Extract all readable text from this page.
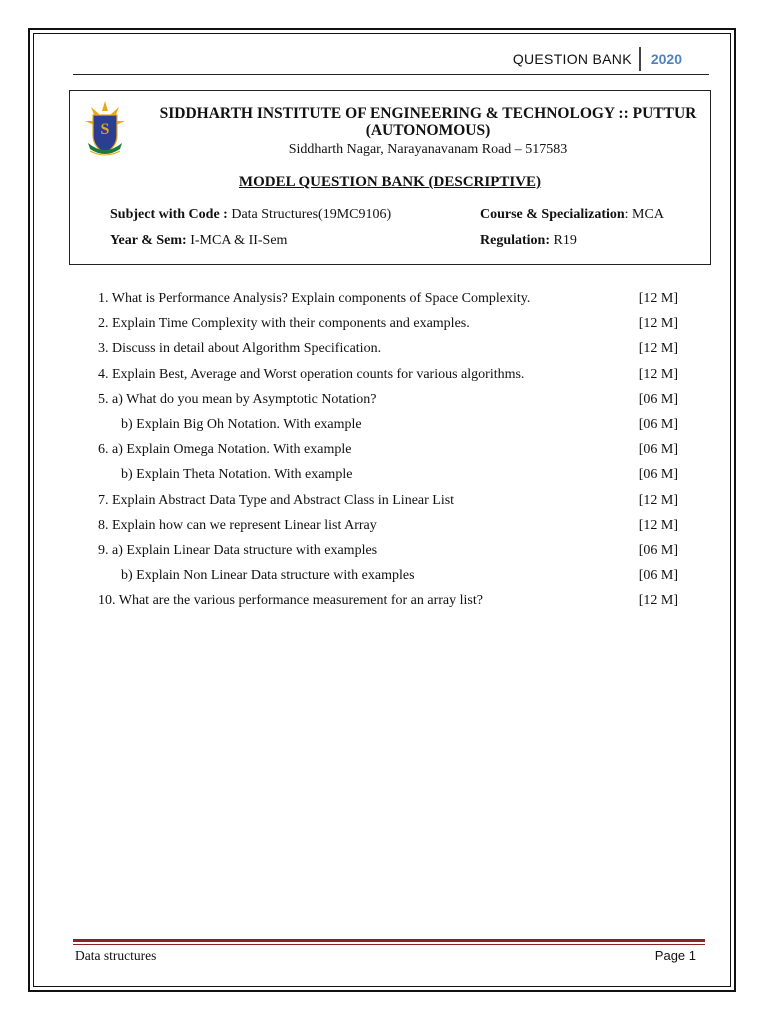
QUESTION BANK	2020
S
SIDDHARTH INSTITUTE OF ENGINEERING & TECHNOLOGY :: PUTTUR
(AUTONOMOUS)
Siddharth Nagar, Narayanavanam Road – 517583
MODEL QUESTION BANK (DESCRIPTIVE)
Subject with Code : Data Structures(19MC9106)	Course & Specialization: MCA
Year & Sem: I-MCA & II-Sem	Regulation: R19
1. What is Performance Analysis? Explain components of Space Complexity.	[12 M]
2. Explain Time Complexity with their components and examples.	[12 M]
3. Discuss in detail about Algorithm Specification.	[12 M]
4. Explain Best, Average and Worst operation counts for various algorithms.	[12 M]
5. a) What do you mean by Asymptotic Notation?	[06 M]
b) Explain Big Oh Notation. With example	[06 M]
6. a) Explain Omega Notation. With example	[06 M]
b) Explain Theta Notation. With example	[06 M]
7. Explain Abstract Data Type and Abstract Class in Linear List	[12 M]
8. Explain how can we represent Linear list Array	[12 M]
9. a) Explain Linear Data structure with examples	[06 M]
b) Explain Non Linear Data structure with examples	[06 M]
10. What are the various performance measurement for an array list?	[12 M]
Data structures	Page 1
